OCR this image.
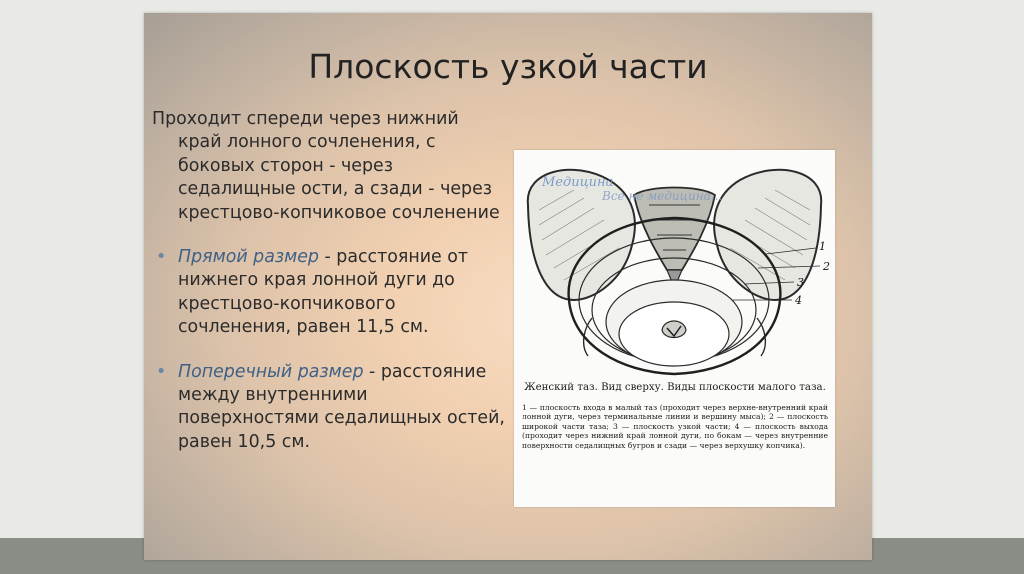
Плоскость узкой части
Проходит спереди через нижний
край лонного сочленения, с боковых сторон - через седалищные ости, а сзади - через крестцово-копчиковое сочленение
• Прямой размер - расстояние от нижнего края лонной дуги до крестцово-копчикового сочленения, равен 11,5 см.
• Поперечный размер - расстояние между внутренними поверхностями седалищных остей, равен 10,5 см.
1
2
3
4
Медицина
Все не медицина...
Женский таз. Вид сверху. Виды плоскости малого таза.
1 — плоскость входа в малый таз (проходит через верхне-внутренний край лонной дуги, через терминальные линии и вершину мыса); 2 — плоскость широкой части таза; 3 — плоскость узкой части; 4 — плоскость выхода (проходит через нижний край лонной дуги, по бокам — через внутренние поверхности седалищных бугров и сзади — через верхушку копчика).
